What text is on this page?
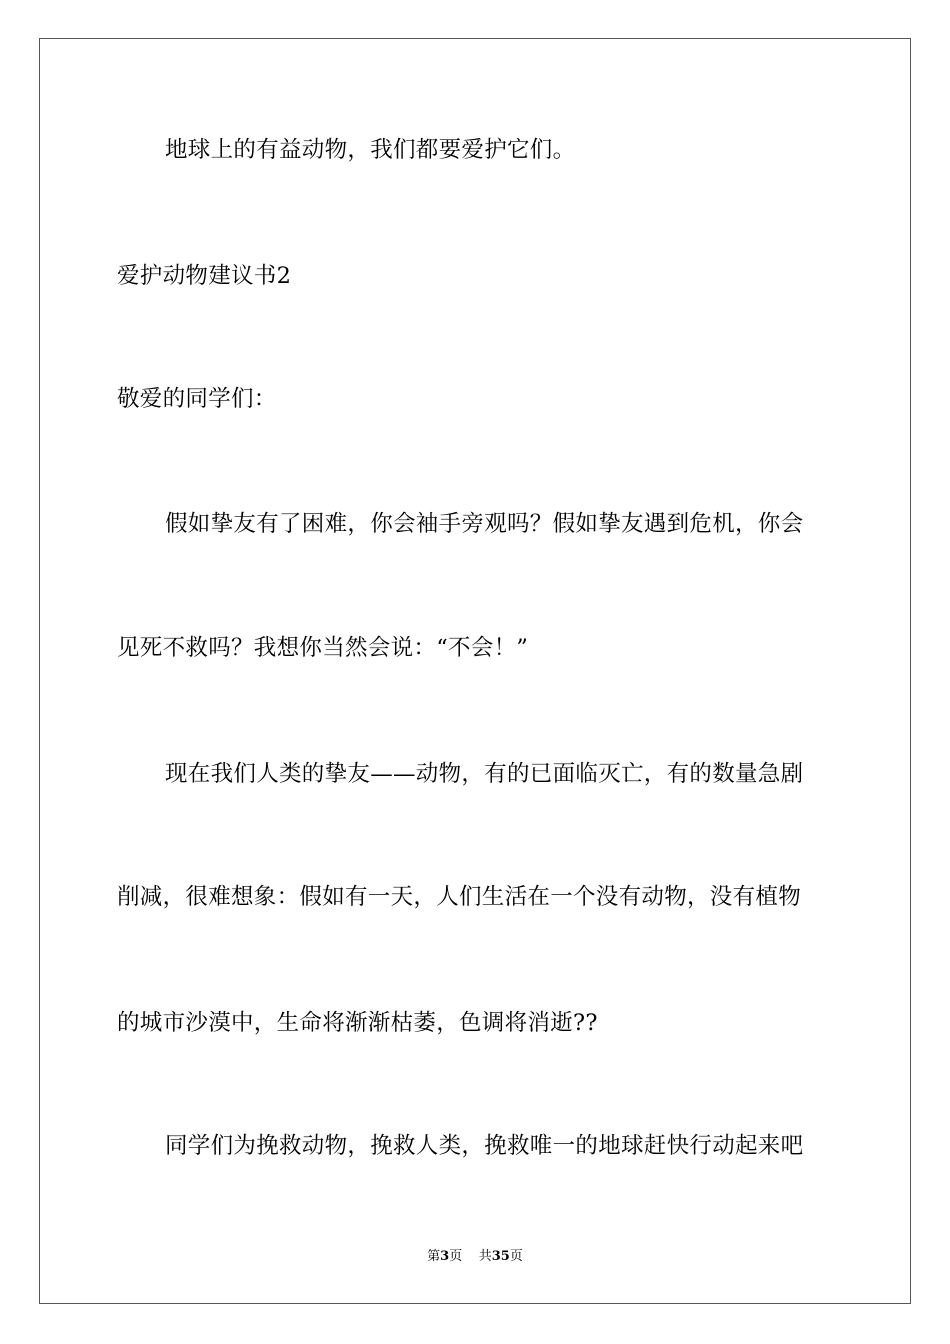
地球上的有益动物，我们都要爱护它们。
爱护动物建议书2
敬爱的同学们：
假如挚友有了困难，你会袖手旁观吗？假如挚友遇到危机，你会
见死不救吗？我想你当然会说：“不会！”
现在我们人类的挚友——动物，有的已面临灭亡，有的数量急剧
削减，很难想象：假如有一天，人们生活在一个没有动物，没有植物
的城市沙漠中，生命将渐渐枯萎，色调将消逝??
同学们为挽救动物，挽救人类，挽救唯一的地球赶快行动起来吧
第3页 共35页
